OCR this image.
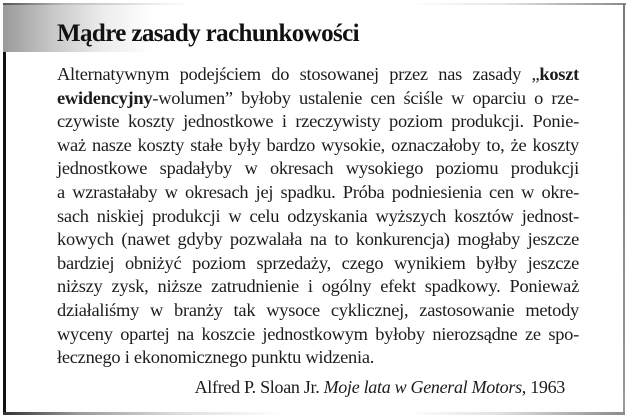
Mądre zasady rachunkowości
Alternatywnym podejściem do stosowanej przez nas zasady „koszt
ewidencyjny-wolumen” byłoby ustalenie cen ściśle w oparciu o rze-
czywiste koszty jednostkowe i rzeczywisty poziom produkcji. Ponie-
waż nasze koszty stałe były bardzo wysokie, oznaczałoby to, że koszty
jednostkowe spadałyby w okresach wysokiego poziomu produkcji
a wzrastałaby w okresach jej spadku. Próba podniesienia cen w okre-
sach niskiej produkcji w celu odzyskania wyższych kosztów jednost-
kowych (nawet gdyby pozwalała na to konkurencja) mogłaby jeszcze
bardziej obniżyć poziom sprzedaży, czego wynikiem byłby jeszcze
niższy zysk, niższe zatrudnienie i ogólny efekt spadkowy. Ponieważ
działaliśmy w branży tak wysoce cyklicznej, zastosowanie metody
wyceny opartej na koszcie jednostkowym byłoby nierozsądne ze spo-
łecznego i ekonomicznego punktu widzenia.
Alfred P. Sloan Jr. Moje lata w General Motors, 1963
